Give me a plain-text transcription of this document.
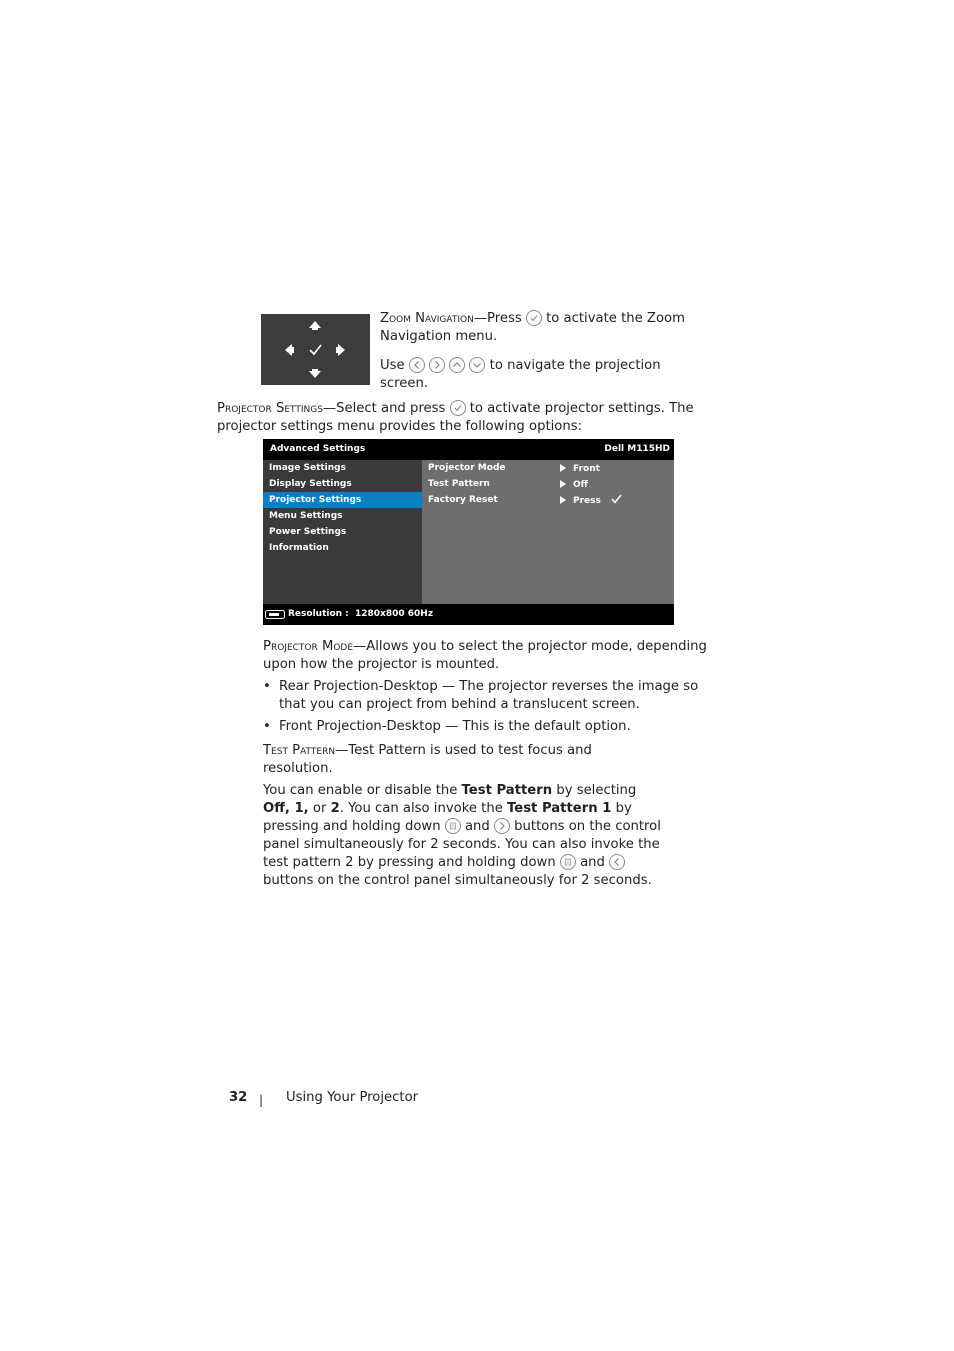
Zoom Navigation—Press
to activate the Zoom Navigation menu.

Use

	to navigate the projection screen.

Projector Settings—Select and press
to activate projector settings. The projector settings menu provides the following options:

Advanced Settings	Dell M115HD
Image Settings
Display Settings
Projector Settings
Menu Settings
Power Settings
Information
Projector Mode
Test Pattern
Factory Reset
Front
Off
Press
Resolution : 1280x800 60Hz

Projector Mode—Allows you to select the projector mode, depending upon how the projector is mounted.

• Rear Projection-Desktop — The projector reverses the image so that you can project from behind a translucent screen.
• Front Projection-Desktop — This is the default option.

Test Pattern—Test Pattern is used to test focus and resolution.

You can enable or disable the Test Pattern by selecting Off, 1, or 2. You can also invoke the Test Pattern 1 by pressing and holding down
and
buttons on the control panel simultaneously for 2 seconds. You can also invoke the test pattern 2 by pressing and holding down
and
buttons on the control panel simultaneously for 2 seconds.

32 | Using Your Projector
